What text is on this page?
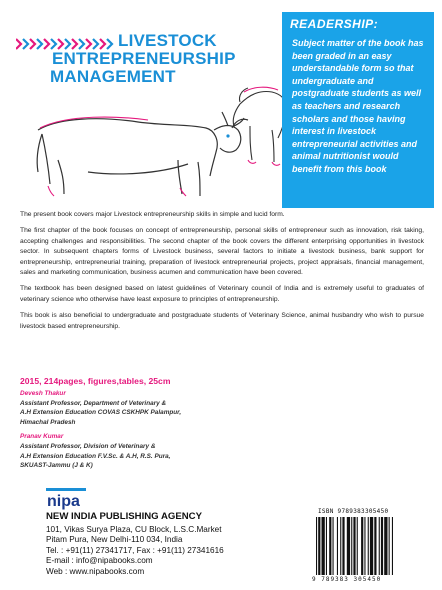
LIVESTOCK
ENTREPRENEURSHIP
MANAGEMENT
READERSHIP:
Subject matter of the book has been graded in an easy understandable form so that undergraduate and postgraduate students as well as teachers and research scholars and those having interest in livestock entrepreneurial activities and animal nutritionist would benefit from this book

The present book covers major Livestock entrepreneurship skills in simple and lucid form.

The first chapter of the book focuses on concept of entrepreneurship, personal skills of entrepreneur such as innovation, risk taking, accepting challenges and responsibilities. The second chapter of the book covers the different enterprising opportunities in livestock sector. In subsequent chapters forms of Livestock business, several factors to initiate a livestock business, bank support for entrepreneurship, entrepreneurial training, preparation of livestock entrepreneurial projects, project appraisals, financial management, sales and marketing communication, business acumen and communication have been covered.

The textbook has been designed based on latest guidelines of Veterinary council of India and is extremely useful to graduates of veterinary science who otherwise have least exposure to principles of entrepreneurship.

This book is also beneficial to undergraduate and postgraduate students of Veterinary Science, animal husbandry who wish to pursue livestock based entrepreneurship.

2015, 214pages, figures,tables, 25cm
Devesh Thakur
Assistant Professor, Department of Veterinary &
A.H Extension Education COVAS CSKHPK Palampur,
Himachal Pradesh
Pranav Kumar
Assistant Professor, Division of Veterinary &
A.H Extension Education F.V.Sc. & A.H, R.S. Pura,
SKUAST-Jammu (J & K)
nipa
NEW INDIA PUBLISHING AGENCY
101, Vikas Surya Plaza, CU Block, L.S.C.Market
Pitam Pura, New Delhi-110 034, India
Tel. : +91(11) 27341717, Fax : +91(11) 27341616
E-mail : info@nipabooks.com
Web : www.nipabooks.com
ISBN 9789383305450
9 789383 305450
